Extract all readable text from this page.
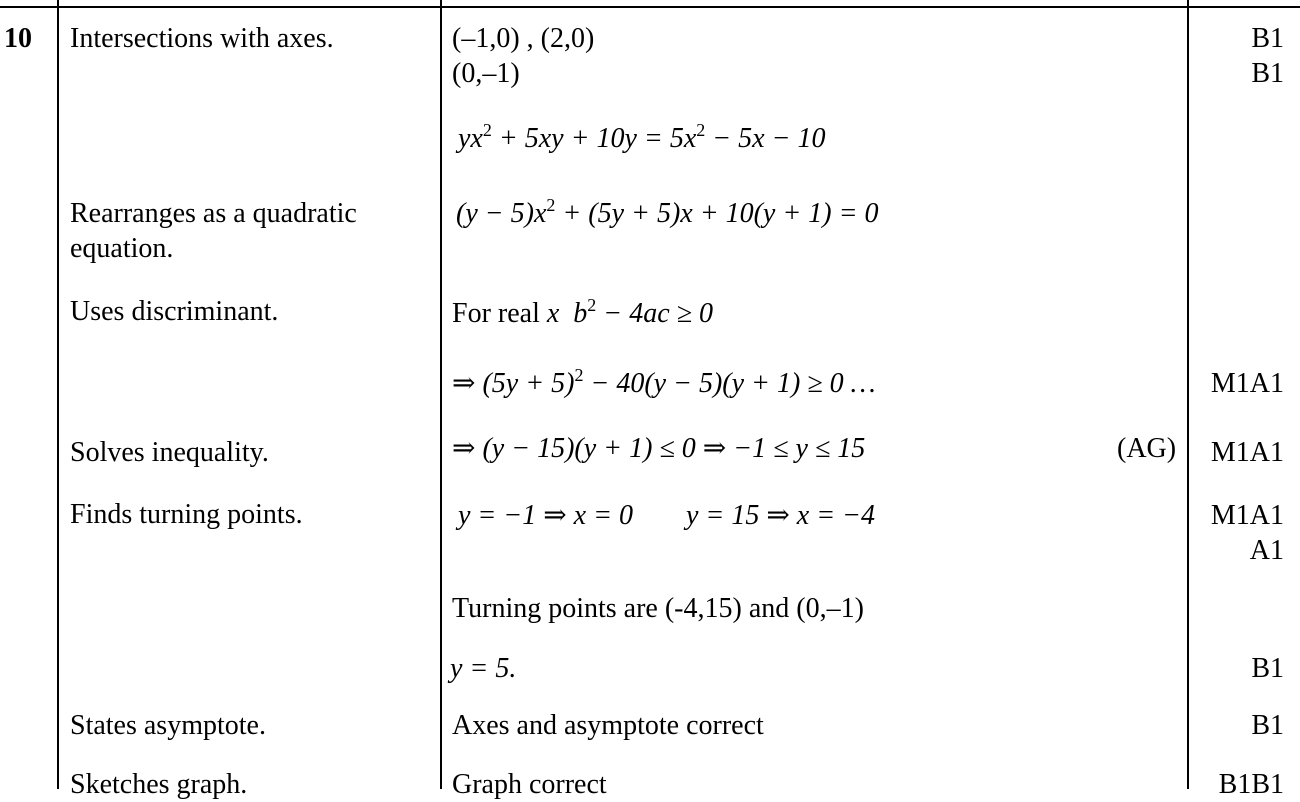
10 Intersections with axes.
Rearranges as a quadratic
equation.
Uses discriminant.
Solves inequality.
Finds turning points.
States asymptote.
Sketches graph.
(–1,0) , (2,0)
(0,–1)
$yx^2 + 5xy + 10y = 5x^2 - 5x - 10$
$(y - 5)x^2 + (5y + 5)x + 10(y + 1) = 0$
For real x $b^2 - 4ac \ge 0$
⇒ $(5y + 5)^2 - 40(y - 5)(y + 1) \ge 0$ …
⇒ (y − 15)(y + 1) ≤ 0 ⇒ −1 ≤ y ≤ 15	(AG)
y = −1 ⇒ x = 0 y = 15 ⇒ x = −4
Turning points are (-4,15) and (0,–1)
y = 5.
Axes and asymptote correct
Graph correct
B1
B1
M1A1
M1A1
M1A1
A1
B1
B1
B1B1
